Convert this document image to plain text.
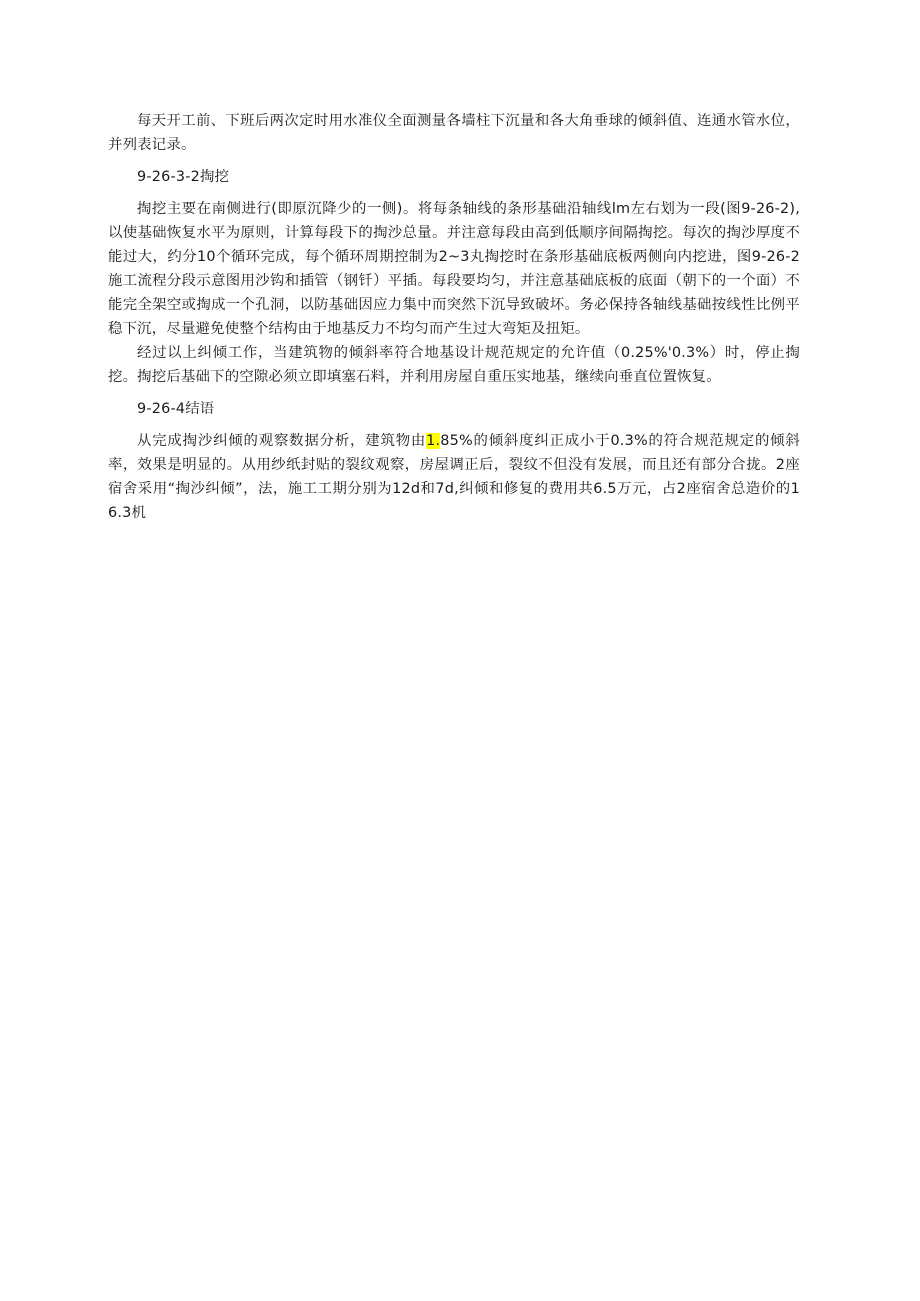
每天开工前、下班后两次定时用水准仪全面测量各墙柱下沉量和各大角垂球的倾斜值、连通水管水位，并列表记录。

9-26-3-2掏挖

掏挖主要在南侧进行(即原沉降少的一侧)。将每条轴线的条形基础沿轴线lm左右划为一段(图9-26-2),以使基础恢复水平为原则，计算每段下的掏沙总量。并注意每段由高到低顺序间隔掏挖。每次的掏沙厚度不能过大，约分10个循环完成，每个循环周期控制为2~3丸掏挖时在条形基础底板两侧向内挖进，图9-26-2施工流程分段示意图用沙钩和插管（钢钎）平插。每段要均匀，并注意基础底板的底面（朝下的一个面）不能完全架空或掏成一个孔洞，以防基础因应力集中而突然下沉导致破坏。务必保持各轴线基础按线性比例平稳下沉，尽量避免使整个结构由于地基反力不均匀而产生过大弯矩及扭矩。

经过以上纠倾工作，当建筑物的倾斜率符合地基设计规范规定的允许值（0.25%'0.3%）时，停止掏挖。掏挖后基础下的空隙必须立即填塞石料，并利用房屋自重压实地基，继续向垂直位置恢复。

9-26-4结语

从完成掏沙纠倾的观察数据分析，建筑物由1.85%的倾斜度纠正成小于0.3%的符合规范规定的倾斜率，效果是明显的。从用纱纸封贴的裂纹观察，房屋调正后，裂纹不但没有发展，而且还有部分合拢。2座宿舍采用“掏沙纠倾”，法，施工工期分别为12d和7d,纠倾和修复的费用共6.5万元，占2座宿舍总造价的16.3机
